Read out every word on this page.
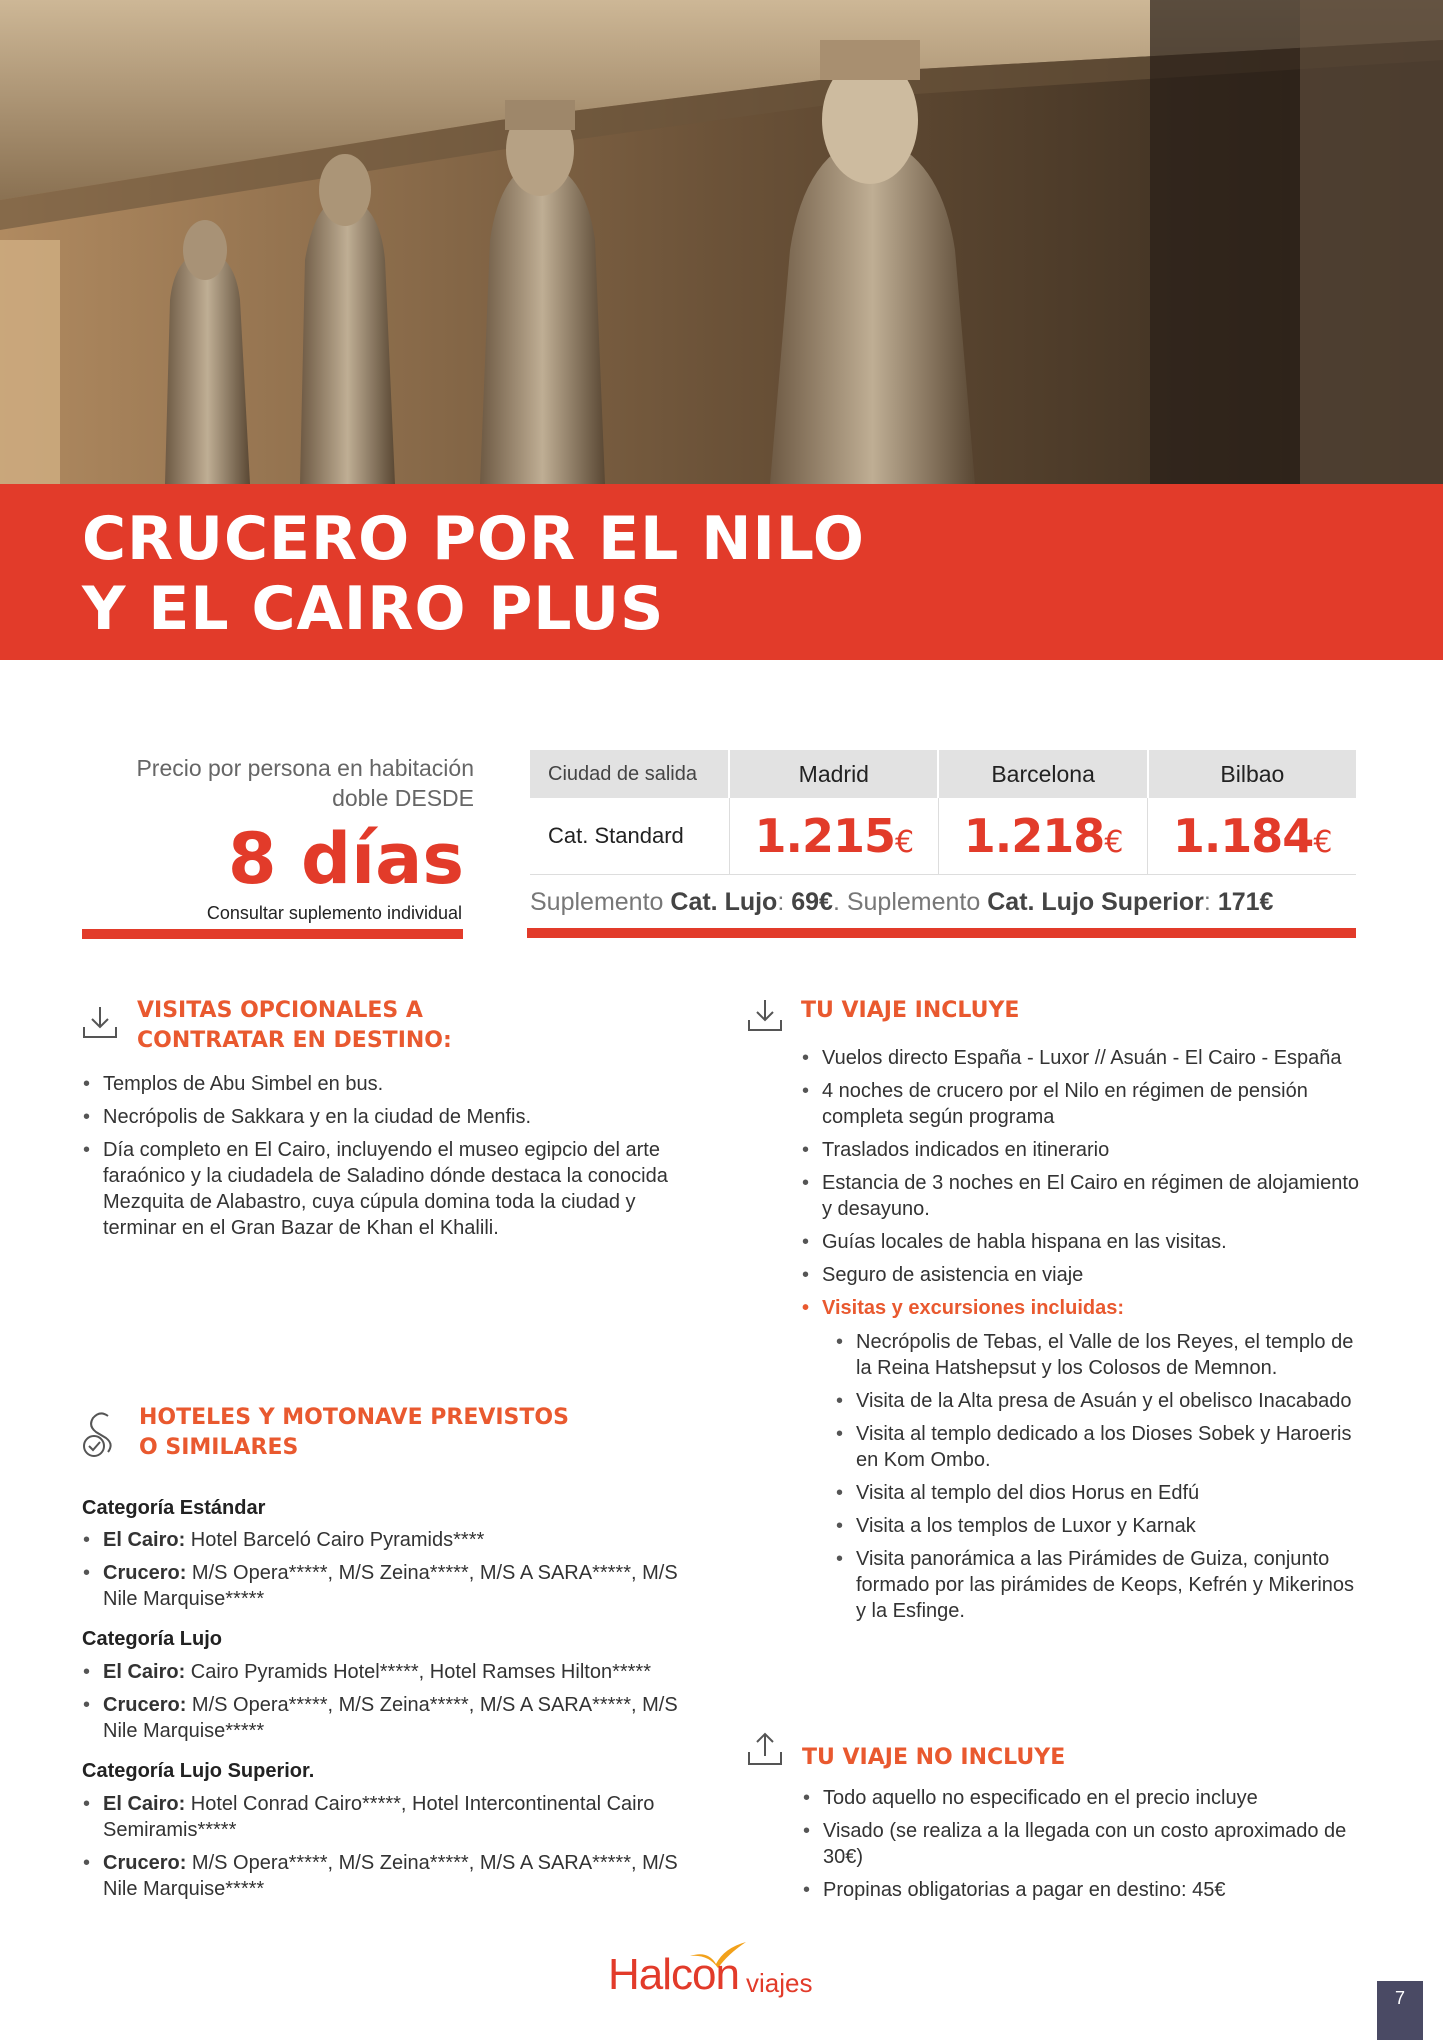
CRUCERO POR EL NILO
Y EL CAIRO PLUS
Precio por persona en habitación doble DESDE
8 días
Consultar suplemento individual
Ciudad de salida	Madrid	Barcelona	Bilbao
Cat. Standard	1.215€	1.218€	1.184€
Suplemento Cat. Lujo: 69€. Suplemento Cat. Lujo Superior: 171€
VISITAS OPCIONALES A
CONTRATAR EN DESTINO:
• Templos de Abu Simbel en bus.
• Necrópolis de Sakkara y en la ciudad de Menfis.
• Día completo en El Cairo, incluyendo el museo egipcio del arte faraónico y la ciudadela de Saladino dónde destaca la conocida Mezquita de Alabastro, cuya cúpula domina toda la ciudad y terminar en el Gran Bazar de Khan el Khalili.
HOTELES Y MOTONAVE PREVISTOS
O SIMILARES
Categoría Estándar
• El Cairo: Hotel Barceló Cairo Pyramids****
• Crucero: M/S Opera*****, M/S Zeina*****, M/S A SARA*****, M/S Nile Marquise*****
Categoría Lujo
• El Cairo: Cairo Pyramids Hotel*****, Hotel Ramses Hilton*****
• Crucero: M/S Opera*****, M/S Zeina*****, M/S A SARA*****, M/S Nile Marquise*****
Categoría Lujo Superior.
• El Cairo: Hotel Conrad Cairo*****, Hotel Intercontinental Cairo Semiramis*****
• Crucero: M/S Opera*****, M/S Zeina*****, M/S A SARA*****, M/S Nile Marquise*****
TU VIAJE INCLUYE
• Vuelos directo España - Luxor // Asuán - El Cairo - España
• 4 noches de crucero por el Nilo en régimen de pensión completa según programa
• Traslados indicados en itinerario
• Estancia de 3 noches en El Cairo en régimen de alojamiento y desayuno.
• Guías locales de habla hispana en las visitas.
• Seguro de asistencia en viaje
• Visitas y excursiones incluidas:
• Necrópolis de Tebas, el Valle de los Reyes, el templo de la Reina Hatshepsut y los Colosos de Memnon.
• Visita de la Alta presa de Asuán y el obelisco Inacabado
• Visita al templo dedicado a los Dioses Sobek y Haroeris en Kom Ombo.
• Visita al templo del dios Horus en Edfú
• Visita a los templos de Luxor y Karnak
• Visita panorámica a las Pirámides de Guiza, conjunto formado por las pirámides de Keops, Kefrén y Mikerinos y la Esfinge.
TU VIAJE NO INCLUYE
• Todo aquello no especificado en el precio incluye
• Visado (se realiza a la llegada con un costo aproximado de 30€)
• Propinas obligatorias a pagar en destino: 45€
Halcon viajes	7
